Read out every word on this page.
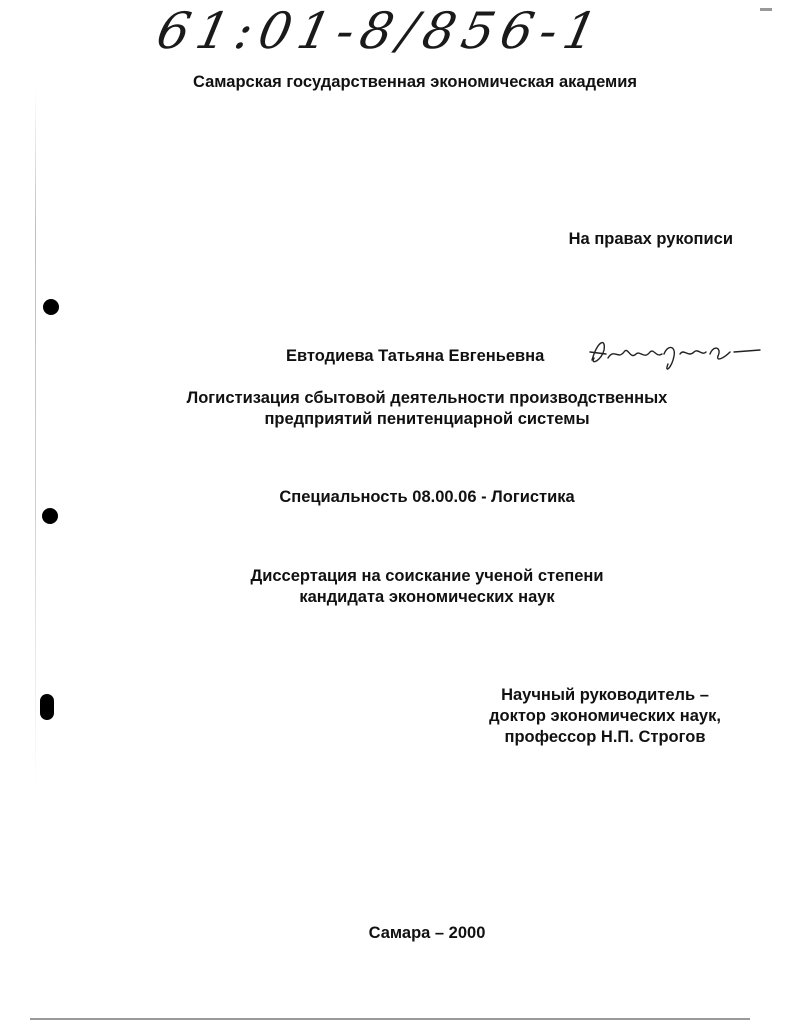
61:01-8/856-1
Самарская государственная экономическая академия
На правах рукописи
Евтодиева Татьяна Евгеньевна
Логистизация сбытовой деятельности производственных
предприятий пенитенциарной системы
Специальность 08.00.06 - Логистика
Диссертация на соискание ученой степени
кандидата экономических наук
Научный руководитель –
доктор экономических наук,
профессор Н.П. Строгов
Самара – 2000
